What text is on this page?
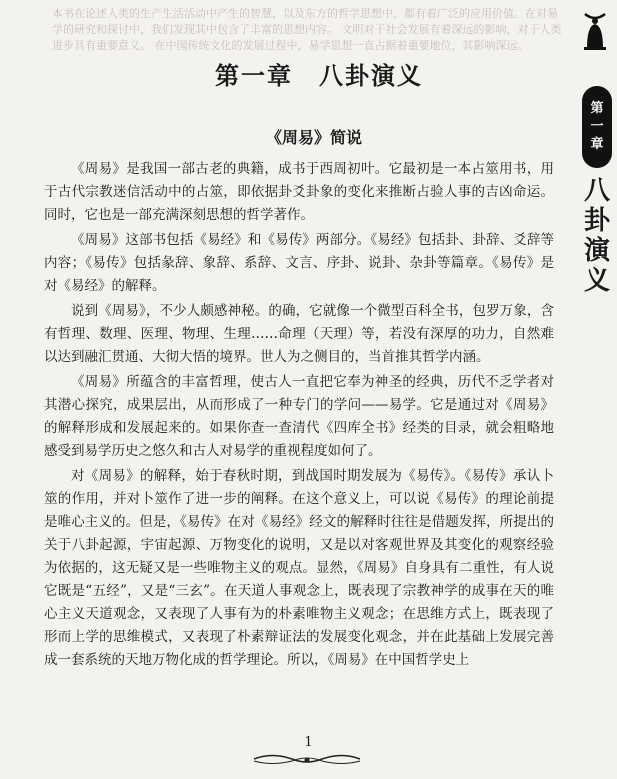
本书在论述人类的生产生活活动中产生的智慧，以及东方的哲学思想中，都有着广泛的应用价值。在对易学的研究和探讨中，我们发现其中包含了丰富的思想内容。 文明对于社会发展有着深远的影响，对于人类进步具有重要意义。 在中国传统文化的发展过程中，易学思想一直占据着重要地位，其影响深远。
第一章　八卦演义
《周易》简说

《周易》是我国一部古老的典籍，成书于西周初叶。它最初是一本占筮用书，用于古代宗教迷信活动中的占筮，即依据卦爻卦象的变化来推断占验人事的吉凶命运。同时，它也是一部充满深刻思想的哲学著作。

《周易》这部书包括《易经》和《易传》两部分。《易经》包括卦、卦辞、爻辞等内容；《易传》包括彖辞、象辞、系辞、文言、序卦、说卦、杂卦等篇章。《易传》是对《易经》的解释。

说到《周易》，不少人颇感神秘。的确，它就像一个微型百科全书，包罗万象，含有哲理、数理、医理、物理、生理……命理（天理）等，若没有深厚的功力，自然难以达到融汇贯通、大彻大悟的境界。世人为之侧目的，当首推其哲学内涵。

《周易》所蕴含的丰富哲理，使古人一直把它奉为神圣的经典，历代不乏学者对其潜心探究，成果层出，从而形成了一种专门的学问——易学。它是通过对《周易》的解释形成和发展起来的。如果你查一查清代《四库全书》经类的目录，就会粗略地感受到易学历史之悠久和古人对易学的重视程度如何了。

对《周易》的解释，始于春秋时期，到战国时期发展为《易传》。《易传》承认卜筮的作用，并对卜筮作了进一步的阐释。在这个意义上，可以说《易传》的理论前提是唯心主义的。但是，《易传》在对《易经》经文的解释时往往是借题发挥，所提出的关于八卦起源，宇宙起源、万物变化的说明，又是以对客观世界及其变化的观察经验为依据的，这无疑又是一些唯物主义的观点。显然，《周易》自身具有二重性，有人说它既是“五经”，又是“三玄”。在天道人事观念上，既表现了宗教神学的成事在天的唯心主义天道观念，又表现了人事有为的朴素唯物主义观念；在思维方式上，既表现了形而上学的思维模式，又表现了朴素辩证法的发展变化观念，并在此基础上发展完善成一套系统的天地万物化成的哲学理论。所以，《周易》在中国哲学史上

第
一
章
八
卦
演
义
1
